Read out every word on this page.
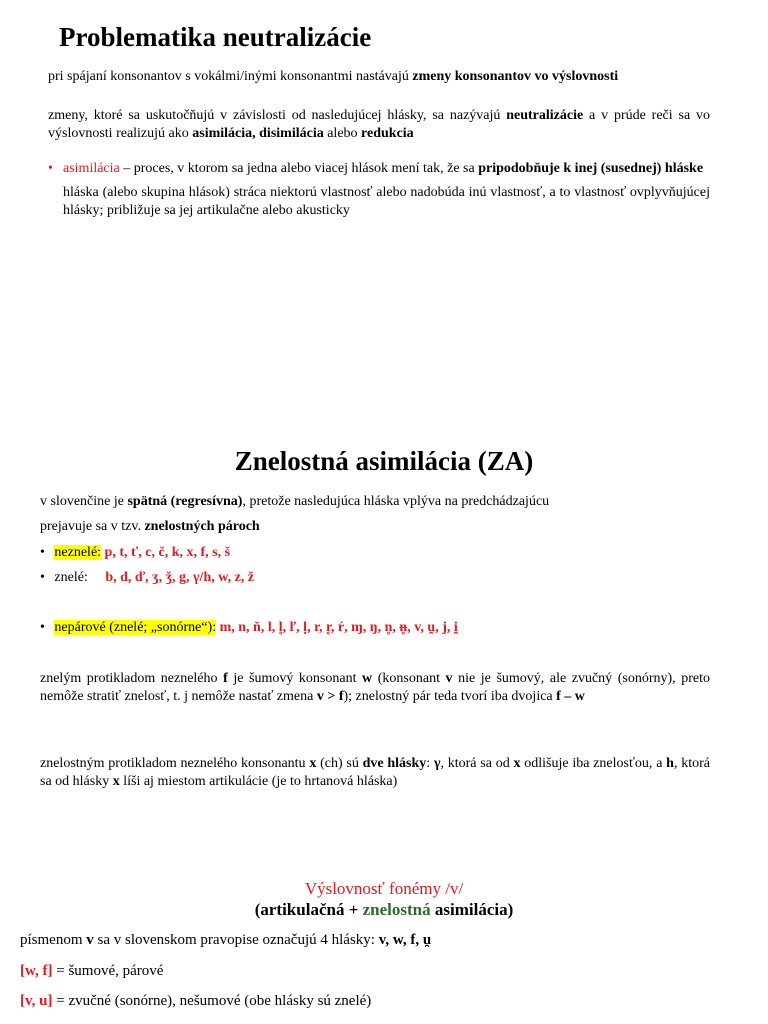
Problematika neutralizácie
pri spájaní konsonantov s vokálmi/inými konsonantmi nastávajú zmeny konsonantov vo výslovnosti
zmeny, ktoré sa uskutočňujú v závislosti od nasledujúcej hlásky, sa nazývajú neutralizácie a v prúde reči sa vo výslovnosti realizujú ako asimilácia, disimilácia alebo redukcia
• asimilácia – proces, v ktorom sa jedna alebo viacej hlások mení tak, že sa pripodobňuje k inej (susednej) hláske
hláska (alebo skupina hlások) stráca niektorú vlastnosť alebo nadobúda inú vlastnosť, a to vlastnosť ovplyvňujúcej hlásky; približuje sa jej artikulačne alebo akusticky
Znelostná asimilácia (ZA)
v slovenčine je spätná (regresívna), pretože nasledujúca hláska vplýva na predchádzajúcu
prejavuje sa v tzv. znelostných pároch
• neznelé: p, t, ť, c, č, k, x, f, s, š
• znelé: b, d, ď, ʒ, ǯ, g, γ/h, w, z, ž
• nepárové (znelé; „sonórne“): m, n, ň, l, l̥, ľ, ḷ, r, r̥, ŕ, ɱ, ŋ, n̥, n̥, v, u̯, j, i̯
znelým protikladom neznelého f je šumový konsonant w (konsonant v nie je šumový, ale zvučný (sonórny), preto nemôže stratiť znelosť, t. j nemôže nastať zmena v > f); znelostný pár teda tvorí iba dvojica f – w
znelostným protikladom neznelého konsonantu x (ch) sú dve hlásky: γ, ktorá sa od x odlišuje iba znelosťou, a h, ktorá sa od hlásky x líši aj miestom artikulácie (je to hrtanová hláska)
Výslovnosť fonémy /v/
(artikulačná + znelostná asimilácia)
písmenom v sa v slovenskom pravopise označujú 4 hlásky: v, w, f, u̯
[w, f] = šumové, párové
[v, u] = zvučné (sonórne), nešumové (obe hlásky sú znelé)
